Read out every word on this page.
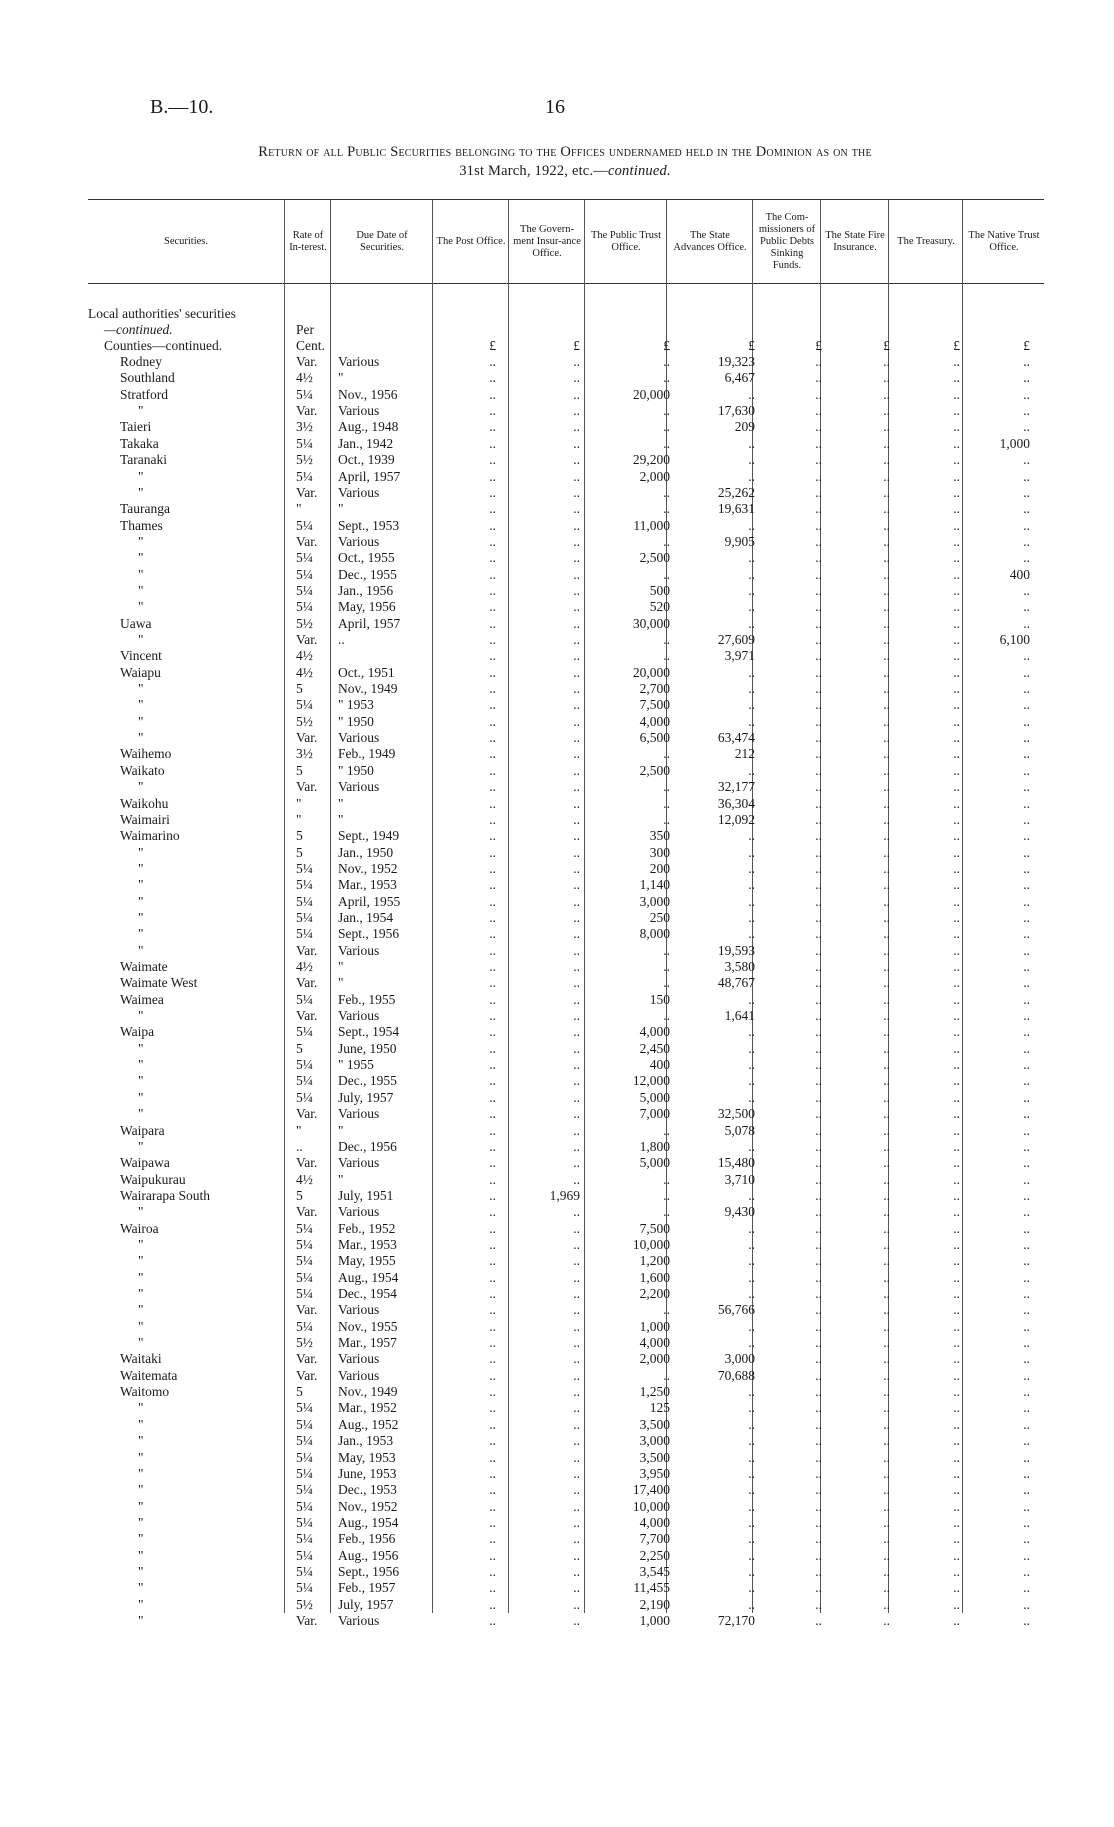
B.—10.	16
Return of all Public Securities belonging to the Offices undernamed held in the Dominion as on the
31st March, 1922, etc.—continued.
Securities.
Rate of In-terest.
Due Date of Securities.
The Post Office.
The Govern-ment Insur-ance Office.
The Public Trust Office.
The State Advances Office.
The Com-missioners of Public Debts Sinking Funds.
The State Fire Insurance.
The Treasury.
The Native Trust Office.
Local authorities' securities
—continued.	Per
Counties—continued.	Cent.	£	£	£	£	£	£	£	£
Rodney	Var. Various	..	..	..	19,323	..	..	..	..
Southland	4½ "	..	..	..	6,467	..	..	..	..
Stratford	5¼ Nov., 1956	..	..	20,000	..	..	..	..	..
"	Var. Various	..	..	..	17,630	..	..	..	..
Taieri	3½ Aug., 1948	..	..	..	209	..	..	..	..
Takaka	5¼ Jan., 1942	..	..	..	..	..	..	..	1,000
Taranaki	5½ Oct., 1939	..	..	29,200	..	..	..	..	..
"	5¼ April, 1957	..	..	2,000	..	..	..	..	..
"	Var. Various	..	..	..	25,262	..	..	..	..
Tauranga	"	"	..	..	..	19,631	..	..	..	..
Thames	5¼ Sept., 1953	..	..	11,000	..	..	..	..	..
"	Var. Various	..	..	..	9,905	..	..	..	..
"	5¼ Oct., 1955	..	..	2,500	..	..	..	..	..
"	5¼ Dec., 1955	..	..	..	..	..	..	..	400
"	5¼ Jan., 1956	..	..	500	..	..	..	..	..
"	5¼ May, 1956	..	..	520	..	..	..	..	..
Uawa	5½ April, 1957	..	..	30,000	..	..	..	..	..
"	Var. ..	..	..	..	27,609	..	..	..	6,100
Vincent	4½	..	..	..	3,971	..	..	..	..
Waiapu	4½ Oct., 1951	..	..	20,000	..	..	..	..	..
"	5	Nov., 1949	..	..	2,700	..	..	..	..	..
"	5¼ " 1953	..	..	7,500	..	..	..	..	..
"	5½ " 1950	..	..	4,000	..	..	..	..	..
"	Var. Various	..	..	6,500	63,474	..	..	..	..
Waihemo	3½ Feb., 1949	..	..	..	212	..	..	..	..
Waikato	5	" 1950	..	..	2,500	..	..	..	..	..
"	Var. Various	..	..	..	32,177	..	..	..	..
Waikohu	"	"	..	..	..	36,304	..	..	..	..
Waimairi	"	"	..	..	..	12,092	..	..	..	..
Waimarino	5	Sept., 1949	..	..	350	..	..	..	..	..
"	5	Jan., 1950	..	..	300	..	..	..	..	..
"	5¼ Nov., 1952	..	..	200	..	..	..	..	..
"	5¼ Mar., 1953	..	..	1,140	..	..	..	..	..
"	5¼ April, 1955	..	..	3,000	..	..	..	..	..
"	5¼ Jan., 1954	..	..	250	..	..	..	..	..
"	5¼ Sept., 1956	..	..	8,000	..	..	..	..	..
"	Var. Various	..	..	..	19,593	..	..	..	..
Waimate	4½ "	..	..	..	3,580	..	..	..	..
Waimate West	Var. "	..	..	..	48,767	..	..	..	..
Waimea	5¼ Feb., 1955	..	..	150	..	..	..	..	..
"	Var. Various	..	..	..	1,641	..	..	..	..
Waipa	5¼ Sept., 1954	..	..	4,000	..	..	..	..	..
"	5	June, 1950	..	..	2,450	..	..	..	..	..
"	5¼ " 1955	..	..	400	..	..	..	..	..
"	5¼ Dec., 1955	..	..	12,000	..	..	..	..	..
"	5¼ July, 1957	..	..	5,000	..	..	..	..	..
"	Var. Various	..	..	7,000	32,500	..	..	..	..
Waipara	"	"	..	..	..	5,078	..	..	..	..
"	..	Dec., 1956	..	..	1,800	..	..	..	..	..
Waipawa	Var. Various	..	..	5,000	15,480	..	..	..	..
Waipukurau	4½ "	..	..	..	3,710	..	..	..	..
Wairarapa South	5	July, 1951	..	1,969	..	..	..	..	..	..
"	Var. Various	..	..	..	9,430	..	..	..	..
Wairoa	5¼ Feb., 1952	..	..	7,500	..	..	..	..	..
"	5¼ Mar., 1953	..	..	10,000	..	..	..	..	..
"	5¼ May, 1955	..	..	1,200	..	..	..	..	..
"	5¼ Aug., 1954	..	..	1,600	..	..	..	..	..
"	5¼ Dec., 1954	..	..	2,200	..	..	..	..	..
"	Var. Various	..	..	..	56,766	..	..	..	..
"	5¼ Nov., 1955	..	..	1,000	..	..	..	..	..
"	5½ Mar., 1957	..	..	4,000	..	..	..	..	..
Waitaki	Var. Various	..	..	2,000	3,000	..	..	..	..
Waitemata	Var. Various	..	..	..	70,688	..	..	..	..
Waitomo	5	Nov., 1949	..	..	1,250	..	..	..	..	..
"	5¼ Mar., 1952	..	..	125	..	..	..	..	..
"	5¼ Aug., 1952	..	..	3,500	..	..	..	..	..
"	5¼ Jan., 1953	..	..	3,000	..	..	..	..	..
"	5¼ May, 1953	..	..	3,500	..	..	..	..	..
"	5¼ June, 1953	..	..	3,950	..	..	..	..	..
"	5¼ Dec., 1953	..	..	17,400	..	..	..	..	..
"	5¼ Nov., 1952	..	..	10,000	..	..	..	..	..
"	5¼ Aug., 1954	..	..	4,000	..	..	..	..	..
"	5¼ Feb., 1956	..	..	7,700	..	..	..	..	..
"	5¼ Aug., 1956	..	..	2,250	..	..	..	..	..
"	5¼ Sept., 1956	..	..	3,545	..	..	..	..	..
"	5¼ Feb., 1957	..	..	11,455	..	..	..	..	..
"	5½ July, 1957	..	..	2,190	..	..	..	..	..
"	Var. Various	..	..	1,000	72,170	..	..	..	..
